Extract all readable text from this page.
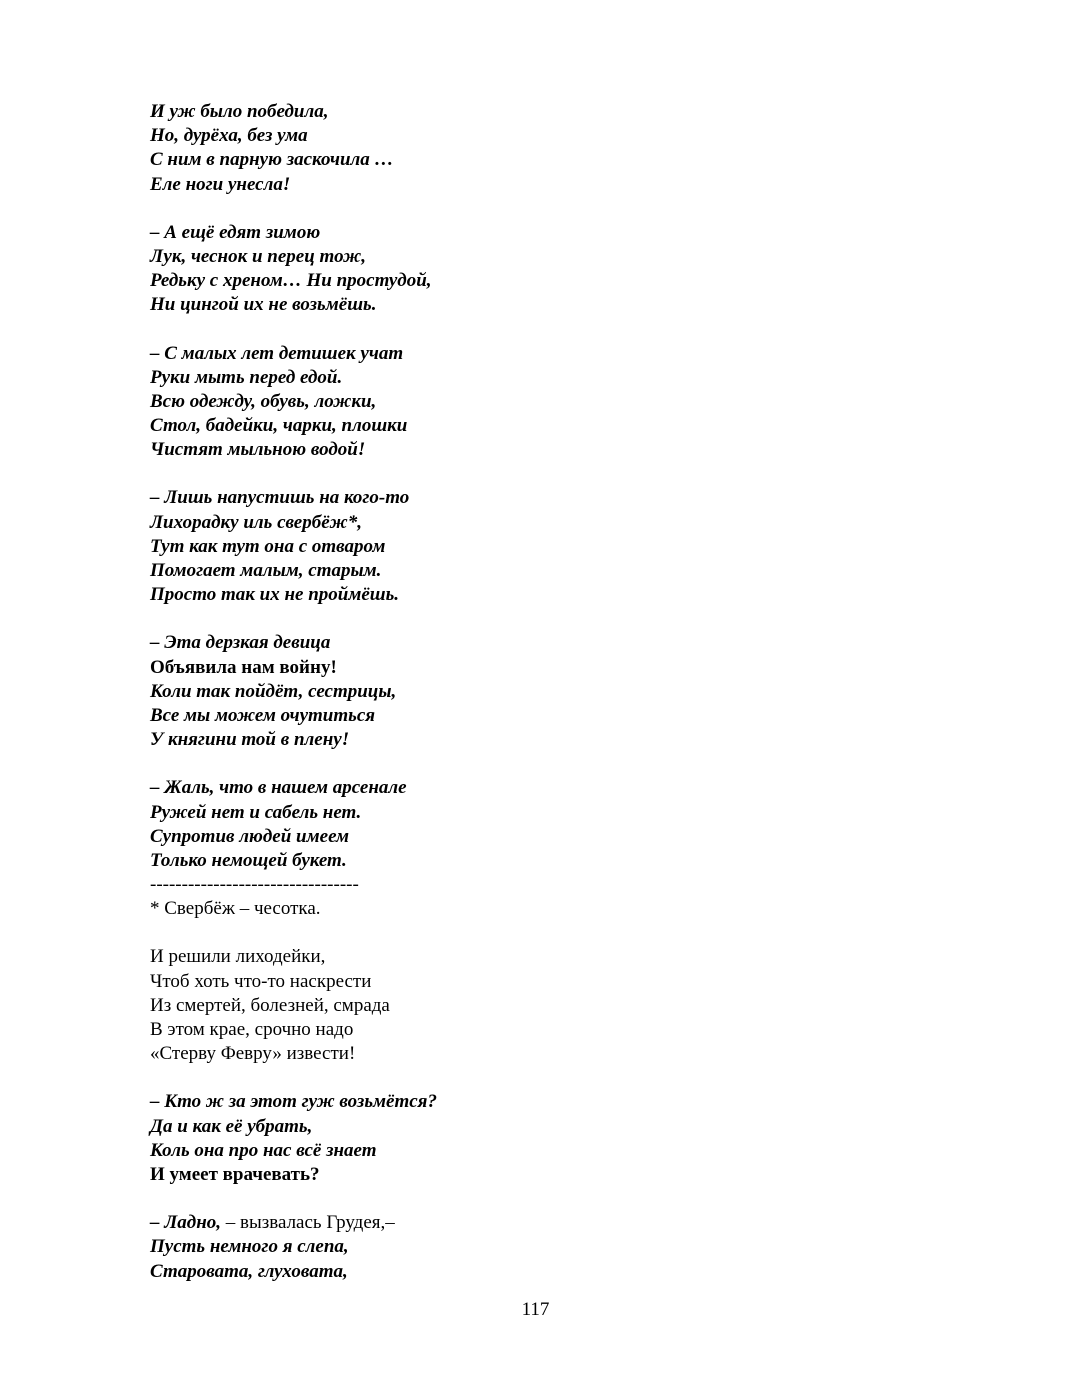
И уж было победила,
Но, дурёха, без ума
С ним в парную заскочила …
Еле ноги унесла!
– А ещё едят зимою
Лук, чеснок и перец тож,
Редьку с хреном… Ни простудой,
Ни цингой их не возьмёшь.
– С малых лет детишек учат
Руки мыть перед едой.
Всю одежду, обувь, ложки,
Стол, бадейки, чарки, плошки
Чистят мыльною водой!
– Лишь напустишь на кого-то
Лихорадку иль свербёж*,
Тут как тут она с отваром
Помогает малым, старым.
Просто так их не проймёшь.
– Эта дерзкая девица
Объявила нам войну!
Коли так пойдёт, сестрицы,
Все мы можем очутиться
У княгини той в плену!
– Жаль, что в нашем арсенале
Ружей нет и сабель нет.
Супротив людей имеем
Только немощей букет.
---------------------------------
* Свербёж – чесотка.
И решили лиходейки,
Чтоб хоть что-то наскрести
Из смертей, болезней, смрада
В этом крае, срочно надо
«Стерву Февру» извести!
– Кто ж за этот гуж возьмётся?
Да и как её убрать,
Коль она про нас всё знает
И умеет врачевать?
– Ладно, – вызвалась Грудея,–
Пусть немного я слепа,
Старовата, глуховата,
117
